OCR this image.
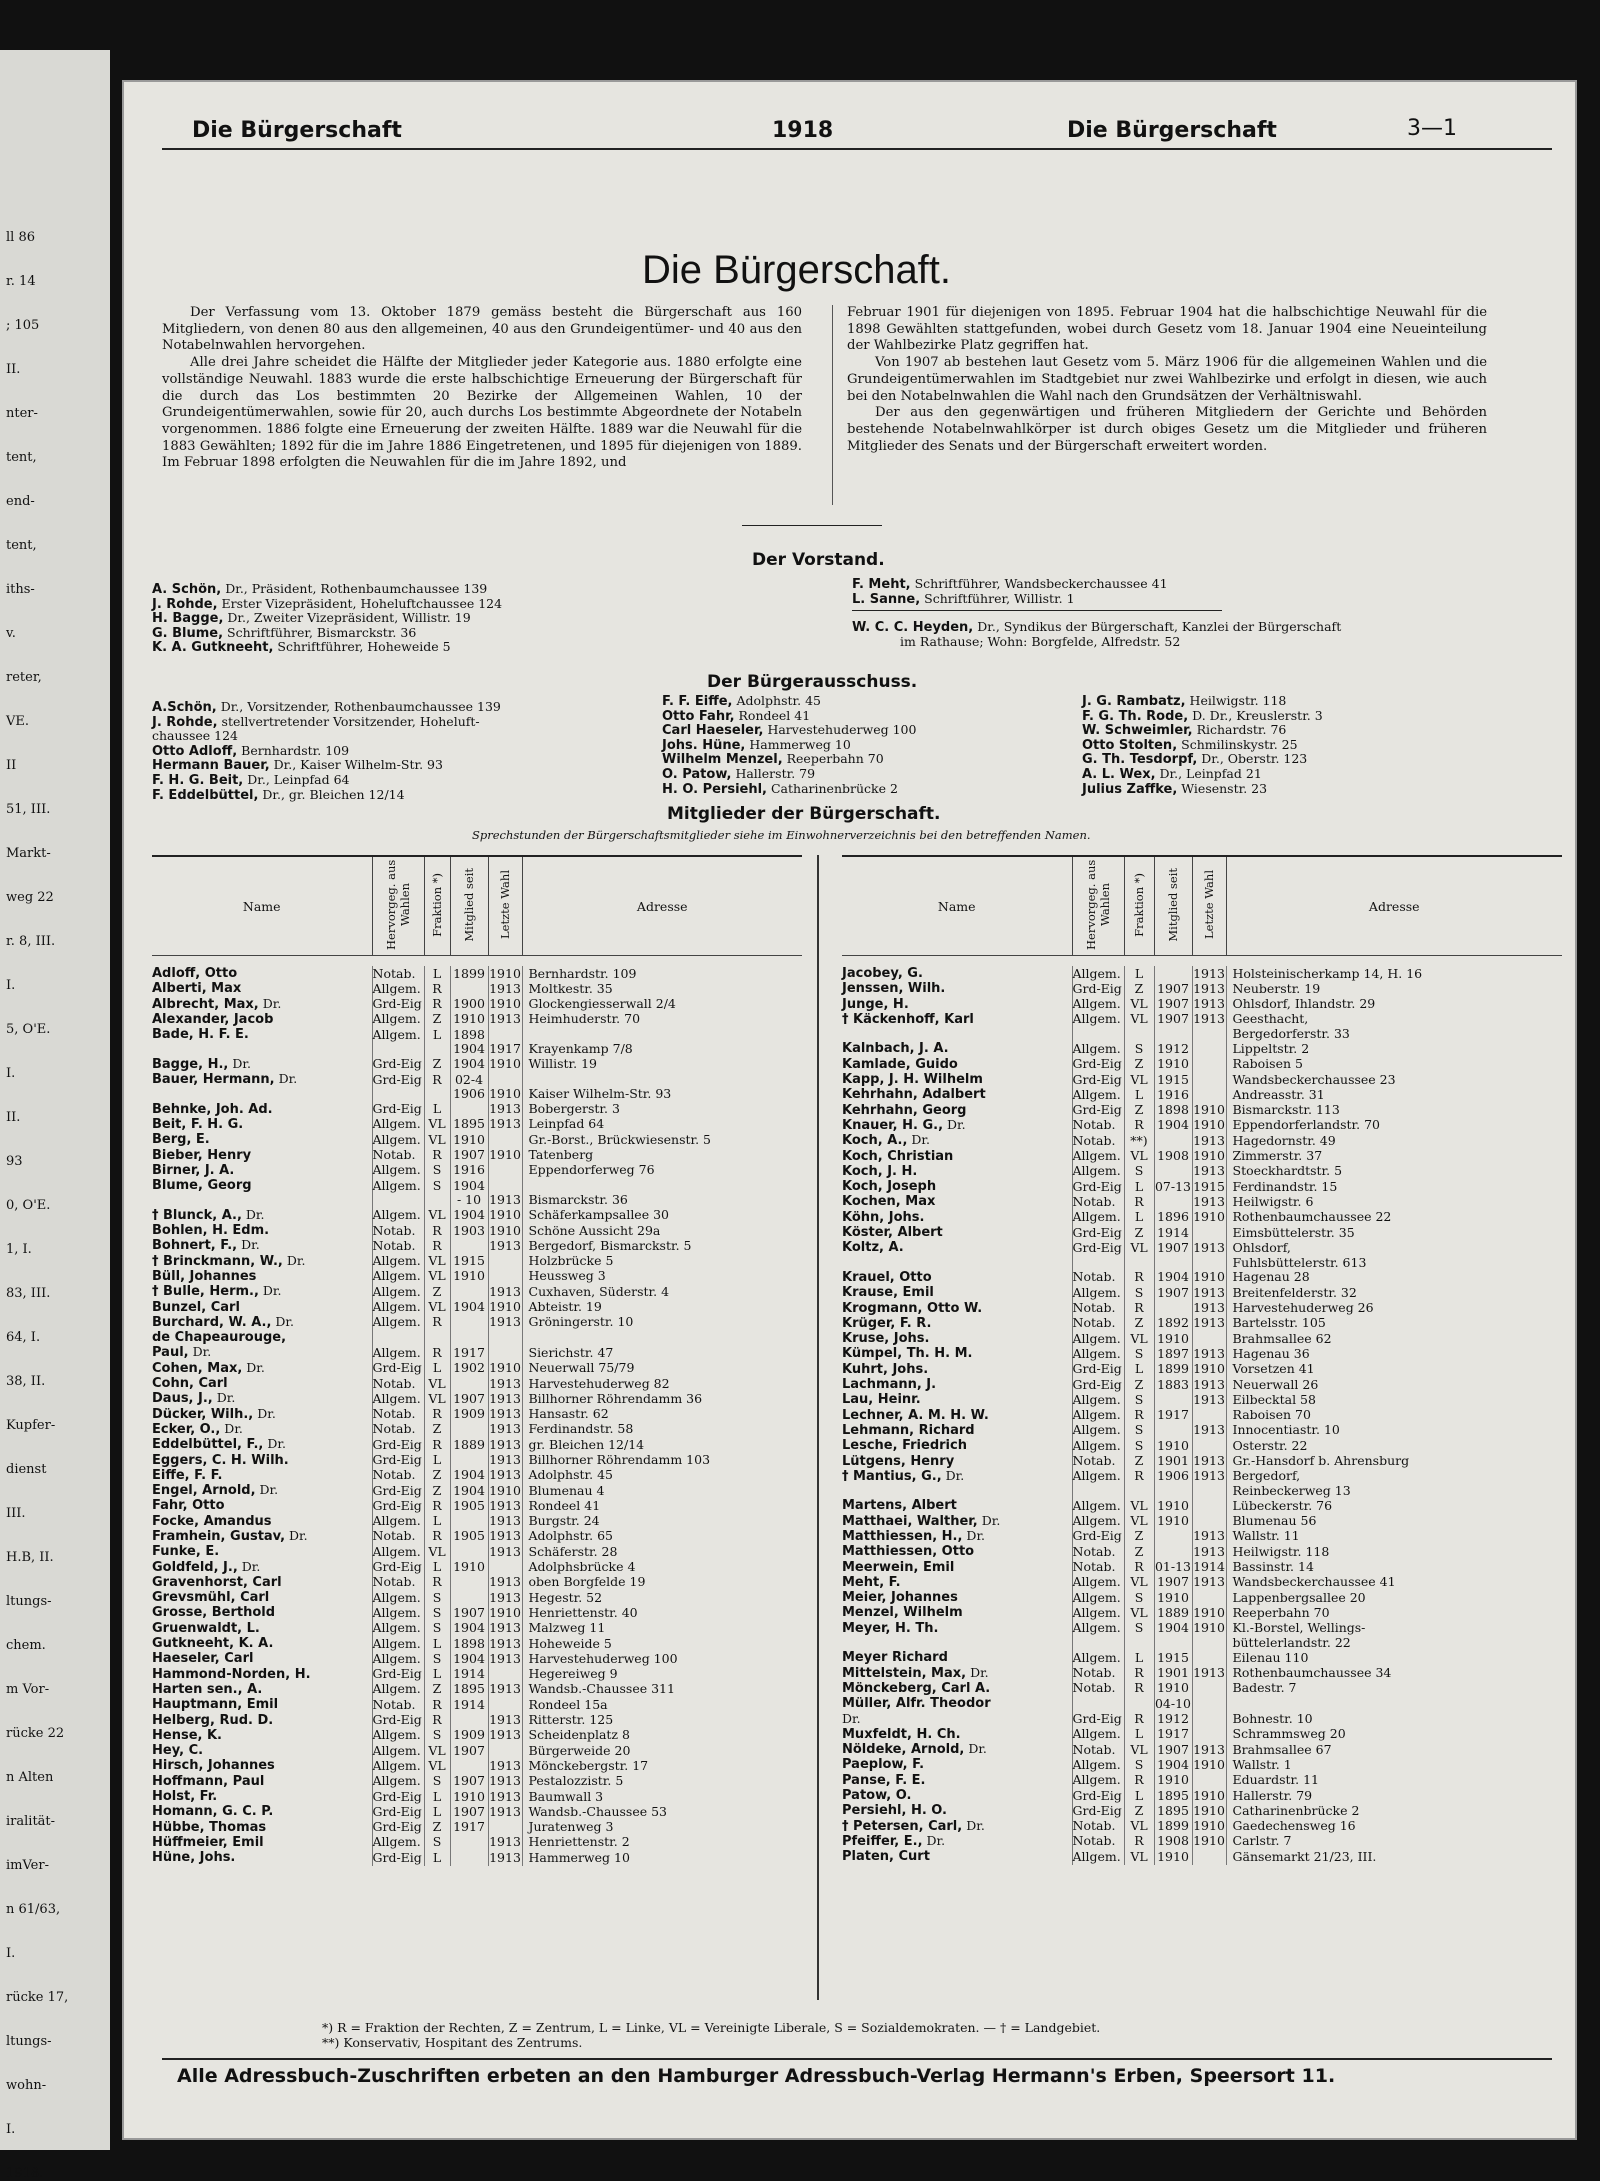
ll 86
r. 14
; 105
II.
nter-
tent,
end-
tent,
iths-
v.
reter,
VE.
II
51, III.
Markt-
weg 22
r. 8, III.
I.
5, O'E.
I.
II.
93
0, O'E.
1, I.
83, III.
64, I.
38, II.
Kupfer-
dienst
III.
H.B, II.
ltungs-
chem.
m Vor-
rücke 22
n Alten
iralität-
imVer-
n 61/63,
I.
rücke 17,
ltungs-
wohn-
I.
1918.
Die Bürgerschaft	1918	Die Bürgerschaft	3—1
Die Bürgerschaft.

Der Verfassung vom 13. Oktober 1879 gemäss besteht die Bürgerschaft aus 160 Mitgliedern, von denen 80 aus den allgemeinen, 40 aus den Grundeigentümer- und 40 aus den Notabelnwahlen hervorgehen.

Alle drei Jahre scheidet die Hälfte der Mitglieder jeder Kategorie aus. 1880 erfolgte eine vollständige Neuwahl. 1883 wurde die erste halbschichtige Erneuerung der Bürgerschaft für die durch das Los bestimmten 20 Bezirke der Allgemeinen Wahlen, 10 der Grundeigentümerwahlen, sowie für 20, auch durchs Los bestimmte Abgeordnete der Notabeln vorgenommen. 1886 folgte eine Erneuerung der zweiten Hälfte. 1889 war die Neuwahl für die 1883 Gewählten; 1892 für die im Jahre 1886 Eingetretenen, und 1895 für diejenigen von 1889. Im Februar 1898 erfolgten die Neuwahlen für die im Jahre 1892, und

Februar 1901 für diejenigen von 1895. Februar 1904 hat die halbschichtige Neuwahl für die 1898 Gewählten stattgefunden, wobei durch Gesetz vom 18. Januar 1904 eine Neueinteilung der Wahlbezirke Platz gegriffen hat.

Von 1907 ab bestehen laut Gesetz vom 5. März 1906 für die allgemeinen Wahlen und die Grundeigentümerwahlen im Stadtgebiet nur zwei Wahlbezirke und erfolgt in diesen, wie auch bei den Notabelnwahlen die Wahl nach den Grundsätzen der Verhältniswahl.

Der aus den gegenwärtigen und früheren Mitgliedern der Gerichte und Behörden bestehende Notabelnwahlkörper ist durch obiges Gesetz um die Mitglieder und früheren Mitglieder des Senats und der Bürgerschaft erweitert worden.

Der Vorstand.
A. Schön, Dr., Präsident, Rothenbaumchaussee 139
J. Rohde, Erster Vizepräsident, Hoheluftchaussee 124
H. Bagge, Dr., Zweiter Vizepräsident, Willistr. 19
G. Blume, Schriftführer, Bismarckstr. 36
K. A. Gutkneeht, Schriftführer, Hoheweide 5
F. Meht, Schriftführer, Wandsbeckerchaussee 41
L. Sanne, Schriftführer, Willistr. 1
W. C. C. Heyden, Dr., Syndikus der Bürgerschaft, Kanzlei der Bürgerschaft
im Rathause; Wohn: Borgfelde, Alfredstr. 52
Der Bürgerausschuss.
A.Schön, Dr., Vorsitzender, Rothenbaumchaussee 139
J. Rohde, stellvertretender Vorsitzender, Hoheluft-
chaussee 124
Otto Adloff, Bernhardstr. 109
Hermann Bauer, Dr., Kaiser Wilhelm-Str. 93
F. H. G. Beit, Dr., Leinpfad 64
F. Eddelbüttel, Dr., gr. Bleichen 12/14
F. F. Eiffe, Adolphstr. 45
Otto Fahr, Rondeel 41
Carl Haeseler, Harvestehuderweg 100
Johs. Hüne, Hammerweg 10
Wilhelm Menzel, Reeperbahn 70
O. Patow, Hallerstr. 79
H. O. Persiehl, Catharinenbrücke 2
J. G. Rambatz, Heilwigstr. 118
F. G. Th. Rode, D. Dr., Kreuslerstr. 3
W. Schweimler, Richardstr. 76
Otto Stolten, Schmilinskystr. 25
G. Th. Tesdorpf, Dr., Oberstr. 123
A. L. Wex, Dr., Leinpfad 21
Julius Zaffke, Wiesenstr. 23
Mitglieder der Bürgerschaft.
Sprechstunden der Bürgerschaftsmitglieder siehe im Einwohnerverzeichnis bei den betreffenden Namen.
Name	Hervorgeg. aus Wahlen	Fraktion *)	Mitglied seit	Letzte Wahl	Adresse

Adloff, Otto	Notab.	L	1899	1910	Bernhardstr. 109
Alberti, Max	Allgem.	R		1913	Moltkestr. 35
Albrecht, Max, Dr.	Grd-Eig	R	1900	1910	Glockengiesserwall 2/4
Alexander, Jacob	Allgem.	Z	1910	1913	Heimhuderstr. 70
Bade, H. F. E.	Allgem.	L	1898		
			1904	1917	Krayenkamp 7/8
Bagge, H., Dr.	Grd-Eig	Z	1904	1910	Willistr. 19
Bauer, Hermann, Dr.	Grd-Eig	R	02-4		
			1906	1910	Kaiser Wilhelm-Str. 93
Behnke, Joh. Ad.	Grd-Eig	L		1913	Bobergerstr. 3
Beit, F. H. G.	Allgem.	VL	1895	1913	Leinpfad 64
Berg, E.	Allgem.	VL	1910		Gr.-Borst., Brückwiesenstr. 5
Bieber, Henry	Notab.	R	1907	1910	Tatenberg
Birner, J. A.	Allgem.	S	1916		Eppendorferweg 76
Blume, Georg	Allgem.	S	1904		
			- 10	1913	Bismarckstr. 36
† Blunck, A., Dr.	Allgem.	VL	1904	1910	Schäferkampsallee 30
Bohlen, H. Edm.	Notab.	R	1903	1910	Schöne Aussicht 29a
Bohnert, F., Dr.	Notab.	R		1913	Bergedorf, Bismarckstr. 5
† Brinckmann, W., Dr.	Allgem.	VL	1915		Holzbrücke 5
Büll, Johannes	Allgem.	VL	1910		Heussweg 3
† Bulle, Herm., Dr.	Allgem.	Z		1913	Cuxhaven, Süderstr. 4
Bunzel, Carl	Allgem.	VL	1904	1910	Abteistr. 19
Burchard, W. A., Dr.	Allgem.	R		1913	Gröningerstr. 10
de Chapeaurouge,					
Paul, Dr.	Allgem.	R	1917		Sierichstr. 47
Cohen, Max, Dr.	Grd-Eig	L	1902	1910	Neuerwall 75/79
Cohn, Carl	Notab.	VL		1913	Harvestehuderweg 82
Daus, J., Dr.	Allgem.	VL	1907	1913	Billhorner Röhrendamm 36
Dücker, Wilh., Dr.	Notab.	R	1909	1913	Hansastr. 62
Ecker, O., Dr.	Notab.	Z		1913	Ferdinandstr. 58
Eddelbüttel, F., Dr.	Grd-Eig	R	1889	1913	gr. Bleichen 12/14
Eggers, C. H. Wilh.	Grd-Eig	L		1913	Billhorner Röhrendamm 103
Eiffe, F. F.	Notab.	Z	1904	1913	Adolphstr. 45
Engel, Arnold, Dr.	Grd-Eig	Z	1904	1910	Blumenau 4
Fahr, Otto	Grd-Eig	R	1905	1913	Rondeel 41
Focke, Amandus	Allgem.	L		1913	Burgstr. 24
Framhein, Gustav, Dr.	Notab.	R	1905	1913	Adolphstr. 65
Funke, E.	Allgem.	VL		1913	Schäferstr. 28
Goldfeld, J., Dr.	Grd-Eig	L	1910		Adolphsbrücke 4
Gravenhorst, Carl	Notab.	R		1913	oben Borgfelde 19
Grevsmühl, Carl	Allgem.	S		1913	Hegestr. 52
Grosse, Berthold	Allgem.	S	1907	1910	Henriettenstr. 40
Gruenwaldt, L.	Allgem.	S	1904	1913	Malzweg 11
Gutkneeht, K. A.	Allgem.	L	1898	1913	Hoheweide 5
Haeseler, Carl	Allgem.	S	1904	1913	Harvestehuderweg 100
Hammond-Norden, H.	Grd-Eig	L	1914		Hegereiweg 9
Harten sen., A.	Allgem.	Z	1895	1913	Wandsb.-Chaussee 311
Hauptmann, Emil	Notab.	R	1914		Rondeel 15a
Helberg, Rud. D.	Grd-Eig	R		1913	Ritterstr. 125
Hense, K.	Allgem.	S	1909	1913	Scheidenplatz 8
Hey, C.	Allgem.	VL	1907		Bürgerweide 20
Hirsch, Johannes	Allgem.	VL		1913	Mönckebergstr. 17
Hoffmann, Paul	Allgem.	S	1907	1913	Pestalozzistr. 5
Holst, Fr.	Grd-Eig	L	1910	1913	Baumwall 3
Homann, G. C. P.	Grd-Eig	L	1907	1913	Wandsb.-Chaussee 53
Hübbe, Thomas	Grd-Eig	Z	1917		Juratenweg 3
Hüffmeier, Emil	Allgem.	S		1913	Henriettenstr. 2
Hüne, Johs.	Grd-Eig	L		1913	Hammerweg 10
Name	Hervorgeg. aus Wahlen	Fraktion *)	Mitglied seit	Letzte Wahl	Adresse

Jacobey, G.	Allgem.	L		1913	Holsteinischerkamp 14, H. 16
Jenssen, Wilh.	Grd-Eig	Z	1907	1913	Neuberstr. 19
Junge, H.	Allgem.	VL	1907	1913	Ohlsdorf, Ihlandstr. 29
† Käckenhoff, Karl	Allgem.	VL	1907	1913	Geesthacht,
					Bergedorferstr. 33
Kalnbach, J. A.	Allgem.	S	1912		Lippeltstr. 2
Kamlade, Guido	Grd-Eig	Z	1910		Raboisen 5
Kapp, J. H. Wilhelm	Grd-Eig	VL	1915		Wandsbeckerchaussee 23
Kehrhahn, Adalbert	Allgem.	L	1916		Andreasstr. 31
Kehrhahn, Georg	Grd-Eig	Z	1898	1910	Bismarckstr. 113
Knauer, H. G., Dr.	Notab.	R	1904	1910	Eppendorferlandstr. 70
Koch, A., Dr.	Notab.	**)		1913	Hagedornstr. 49
Koch, Christian	Allgem.	VL	1908	1910	Zimmerstr. 37
Koch, J. H.	Allgem.	S		1913	Stoeckhardtstr. 5
Koch, Joseph	Grd-Eig	L	07-13	1915	Ferdinandstr. 15
Kochen, Max	Notab.	R		1913	Heilwigstr. 6
Köhn, Johs.	Allgem.	L	1896	1910	Rothenbaumchaussee 22
Köster, Albert	Grd-Eig	Z	1914		Eimsbüttelerstr. 35
Koltz, A.	Grd-Eig	VL	1907	1913	Ohlsdorf,
					Fuhlsbüttelerstr. 613
Krauel, Otto	Notab.	R	1904	1910	Hagenau 28
Krause, Emil	Allgem.	S	1907	1913	Breitenfelderstr. 32
Krogmann, Otto W.	Notab.	R		1913	Harvestehuderweg 26
Krüger, F. R.	Notab.	Z	1892	1913	Bartelsstr. 105
Kruse, Johs.	Allgem.	VL	1910		Brahmsallee 62
Kümpel, Th. H. M.	Allgem.	S	1897	1913	Hagenau 36
Kuhrt, Johs.	Grd-Eig	L	1899	1910	Vorsetzen 41
Lachmann, J.	Grd-Eig	Z	1883	1913	Neuerwall 26
Lau, Heinr.	Allgem.	S		1913	Eilbecktal 58
Lechner, A. M. H. W.	Allgem.	R	1917		Raboisen 70
Lehmann, Richard	Allgem.	S		1913	Innocentiastr. 10
Lesche, Friedrich	Allgem.	S	1910		Osterstr. 22
Lütgens, Henry	Notab.	Z	1901	1913	Gr.-Hansdorf b. Ahrensburg
† Mantius, G., Dr.	Allgem.	R	1906	1913	Bergedorf,
					Reinbeckerweg 13
Martens, Albert	Allgem.	VL	1910		Lübeckerstr. 76
Matthaei, Walther, Dr.	Allgem.	VL	1910		Blumenau 56
Matthiessen, H., Dr.	Grd-Eig	Z		1913	Wallstr. 11
Matthiessen, Otto	Notab.	Z		1913	Heilwigstr. 118
Meerwein, Emil	Notab.	R	01-13	1914	Bassinstr. 14
Meht, F.	Allgem.	VL	1907	1913	Wandsbeckerchaussee 41
Meier, Johannes	Allgem.	S	1910		Lappenbergsallee 20
Menzel, Wilhelm	Allgem.	VL	1889	1910	Reeperbahn 70
Meyer, H. Th.	Allgem.	S	1904	1910	Kl.-Borstel, Wellings-
					büttelerlandstr. 22
Meyer Richard	Allgem.	L	1915		Eilenau 110
Mittelstein, Max, Dr.	Notab.	R	1901	1913	Rothenbaumchaussee 34
Mönckeberg, Carl A.	Notab.	R	1910		Badestr. 7
Müller, Alfr. Theodor			04-10		
Dr.	Grd-Eig	R	1912		Bohnestr. 10
Muxfeldt, H. Ch.	Allgem.	L	1917		Schrammsweg 20
Nöldeke, Arnold, Dr.	Notab.	VL	1907	1913	Brahmsallee 67
Paeplow, F.	Allgem.	S	1904	1910	Wallstr. 1
Panse, F. E.	Allgem.	R	1910		Eduardstr. 11
Patow, O.	Grd-Eig	L	1895	1910	Hallerstr. 79
Persiehl, H. O.	Grd-Eig	Z	1895	1910	Catharinenbrücke 2
† Petersen, Carl, Dr.	Notab.	VL	1899	1910	Gaedechensweg 16
Pfeiffer, E., Dr.	Notab.	R	1908	1910	Carlstr. 7
Platen, Curt	Allgem.	VL	1910		Gänsemarkt 21/23, III.
*) R = Fraktion der Rechten, Z = Zentrum, L = Linke, VL = Vereinigte Liberale, S = Sozialdemokraten. — † = Landgebiet.
**) Konservativ, Hospitant des Zentrums.
Alle Adressbuch-Zuschriften erbeten an den Hamburger Adressbuch-Verlag Hermann's Erben, Speersort 11.
